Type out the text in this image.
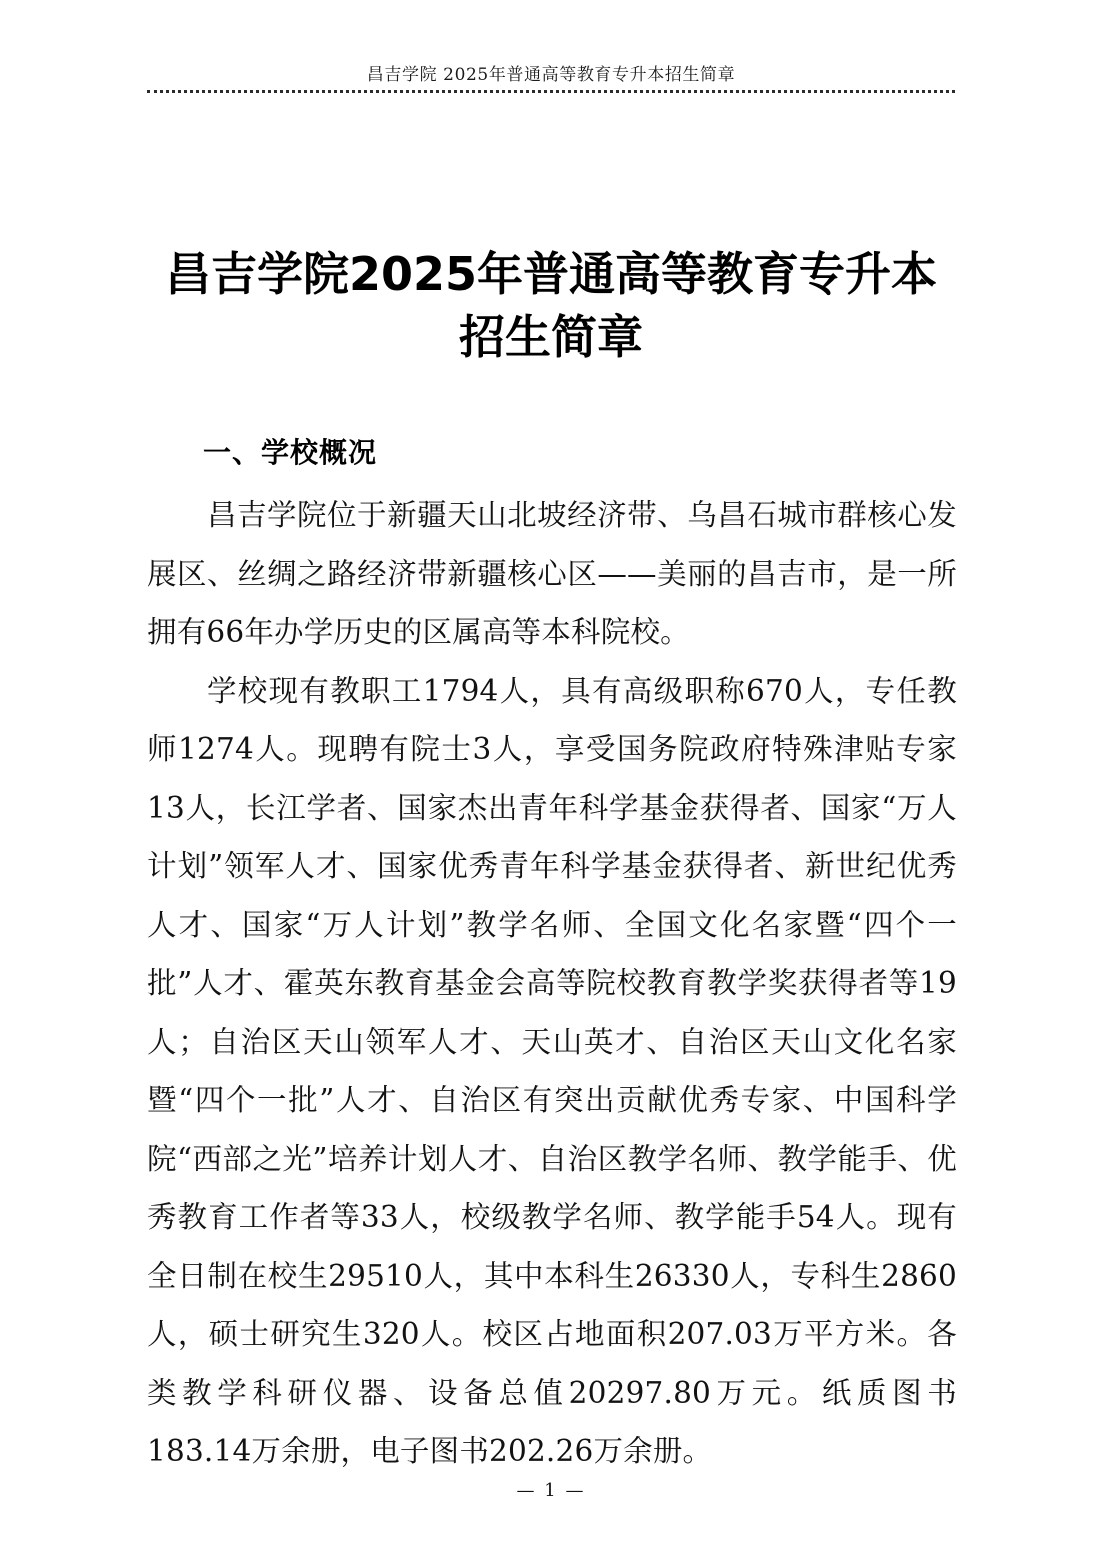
昌吉学院 2025年普通高等教育专升本招生简章
昌吉学院2025年普通高等教育专升本
招生简章
一、学校概况

昌吉学院位于新疆天山北坡经济带、乌昌石城市群核心发展区、丝绸之路经济带新疆核心区——美丽的昌吉市，是一所拥有66年办学历史的区属高等本科院校。

学校现有教职工1794人，具有高级职称670人，专任教师1274人。现聘有院士3人，享受国务院政府特殊津贴专家13人，长江学者、国家杰出青年科学基金获得者、国家“万人计划”领军人才、国家优秀青年科学基金获得者、新世纪优秀人才、国家“万人计划”教学名师、全国文化名家暨“四个一批”人才、霍英东教育基金会高等院校教育教学奖获得者等19人；自治区天山领军人才、天山英才、自治区天山文化名家暨“四个一批”人才、自治区有突出贡献优秀专家、中国科学院“西部之光”培养计划人才、自治区教学名师、教学能手、优秀教育工作者等33人，校级教学名师、教学能手54人。现有全日制在校生29510人，其中本科生26330人，专科生2860人，硕士研究生320人。校区占地面积207.03万平方米。各类教学科研仪器、设备总值20297.80万元。纸质图书183.14万余册，电子图书202.26万余册。

— 1 —
